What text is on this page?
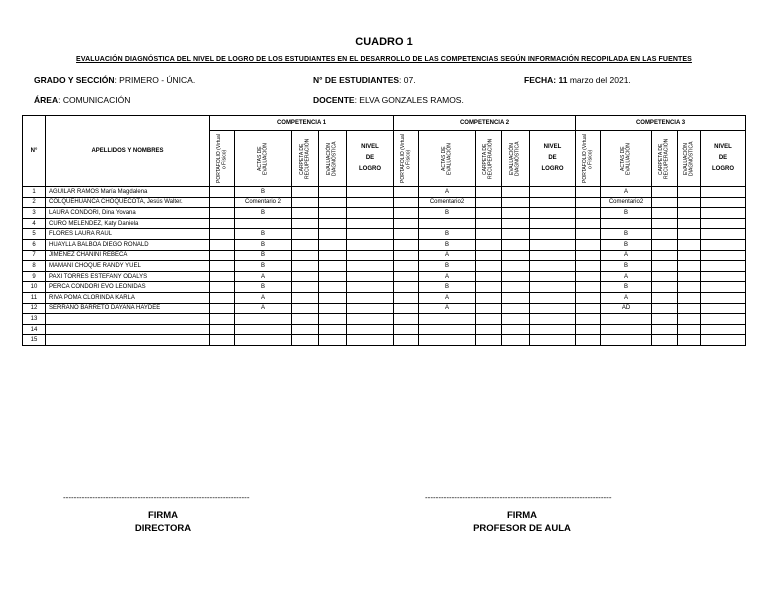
CUADRO 1
EVALUACIÓN DIAGNÓSTICA DEL NIVEL DE LOGRO DE LOS ESTUDIANTES EN EL DESARROLLO DE LAS COMPETENCIAS SEGÚN INFORMACIÓN RECOPILADA EN LAS FUENTES
GRADO Y SECCIÓN: PRIMERO - ÚNICA.	N° DE ESTUDIANTES: 07.	FECHA: 11 marzo del 2021.
ÁREA: COMUNICACIÓN	DOCENTE: ELVA GONZALES RAMOS.
N°	APELLIDOS Y NOMBRES	COMPETENCIA 1					COMPETENCIA 2					COMPETENCIA 3				

		PORTAFOLIO (Virtual o Físico)	ACTAS DE EVALUACIÓN	CARPETA DE RECUPERACIÓN	EVALUACIÓN DIAGNÓSTICA	NIVEL
DE
LOGRO	PORTAFOLIO (Virtual o Físico)	ACTAS DE EVALUACIÓN	CARPETA DE RECUPERACIÓN	EVALUACIÓN DIAGNÓSTICA	NIVEL
DE
LOGRO	PORTAFOLIO (Virtual o Físico)	ACTAS DE EVALUACIÓN	CARPETA DE RECUPERACIÓN	EVALUACIÓN DIAGNÓSTICA	NIVEL
DE
LOGRO
1	AGUILAR RAMOS María Magdalena		B					A					A			
2	COLQUEHUANCA CHOQUECOTA, Jesús Walter.		Comentario 2					Comentario2					Comentario2			
3	LAURA CONDORI, Dina Yovana		B					B					B			
4	CURO MELENDEZ, Katy Daniela															
5	FLORES LAURA RAUL		B					B					B			
6	HUAYLLA BALBOA DIEGO RONALD		B					B					B			
7	JIMENEZ CHANINI REBECA		B					A					A			
8	MAMANI CHOQUE RANDY YUEL		B					B					B			
9	PAXI TORRES ESTEFANY ODALYS		A					A					A			
10	PERCA CONDORI EVO LEONIDAS		B					B					B			
11	RIVA POMA CLORINDA KARLA		A					A					A			
12	SERRANO BARRETO DAYANA HAYDEE		A					A					AD			
13																
14																
15																
----------------------------------------------------------------------	----------------------------------------------------------------------
FIRMA
DIRECTORA
FIRMA
PROFESOR DE AULA
